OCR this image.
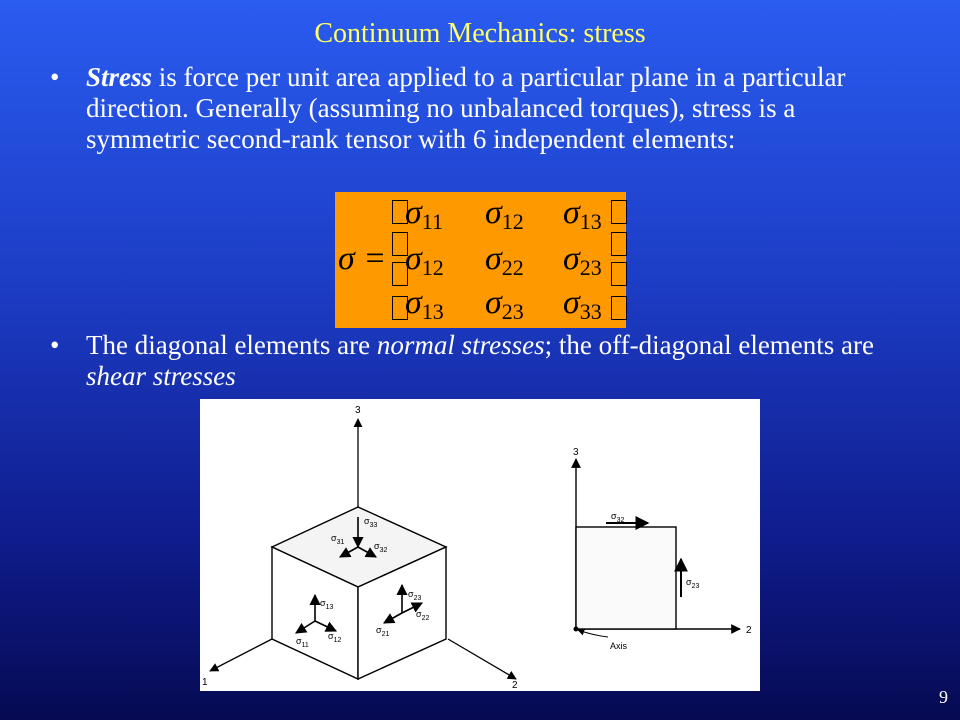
Continuum Mechanics: stress
• Stress is force per unit area applied to a particular plane in a particular direction. Generally (assuming no unbalanced torques), stress is a symmetric second-rank tensor with 6 independent elements:
σ =
$\sigma_{11}$ $\sigma_{12}$ $\sigma_{13}$
$\sigma_{12}$ $\sigma_{22}$ $\sigma_{23}$
$\sigma_{13}$ $\sigma_{23}$ $\sigma_{33}$
• The diagonal elements are normal stresses; the off-diagonal elements are shear stresses
3
1	2
$\sigma_{33}$
$\sigma_{31}$	$\sigma_{32}$
$\sigma_{13}$
$\sigma_{11}$
$\sigma_{12}$
$\sigma_{23}$
$\sigma_{22}$
$\sigma_{21}$
3
2
$\sigma_{32}$
$\sigma_{23}$
Axis
9
